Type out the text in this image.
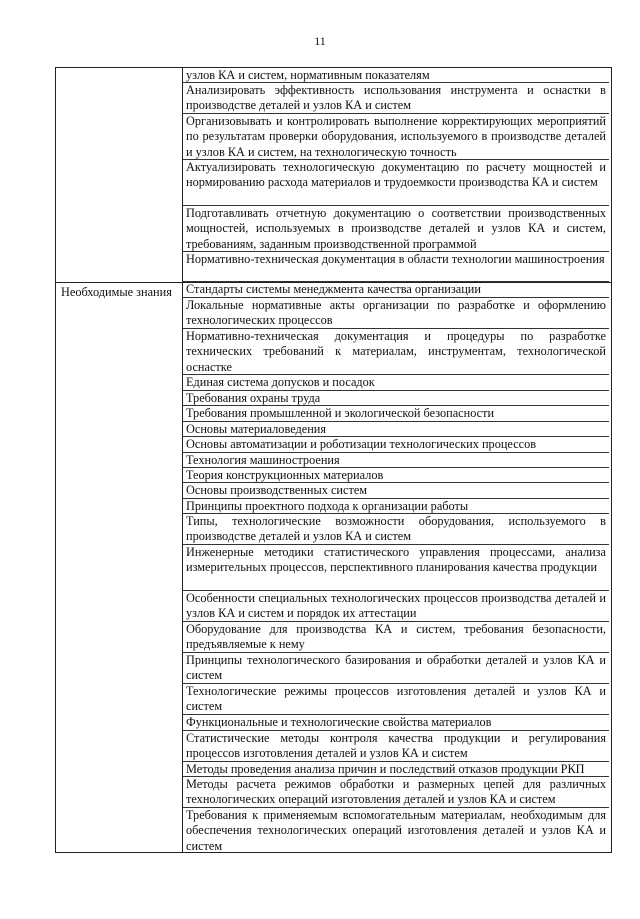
11
Необходимые знания
узлов КА и систем, нормативным показателям
Анализировать эффективность использования инструмента и оснастки в производстве деталей и узлов КА и систем
Организовывать и контролировать выполнение корректирующих мероприятий по результатам проверки оборудования, используемого в производстве деталей и узлов КА и систем, на технологическую точность
Актуализировать технологическую документацию по расчету мощностей и нормированию расхода материалов и трудоемкости производства КА и систем
Подготавливать отчетную документацию о соответствии производственных мощностей, используемых в производстве деталей и узлов КА и систем, требованиям, заданным производственной программой
Нормативно-техническая документация в области технологии машиностроения
Стандарты системы менеджмента качества организации
Локальные нормативные акты организации по разработке и оформлению технологических процессов
Нормативно-техническая документация и процедуры по разработке технических требований к материалам, инструментам, технологической оснастке
Единая система допусков и посадок
Требования охраны труда
Требования промышленной и экологической безопасности
Основы материаловедения
Основы автоматизации и роботизации технологических процессов
Технология машиностроения
Теория конструкционных материалов
Основы производственных систем
Принципы проектного подхода к организации работы
Типы, технологические возможности оборудования, используемого в производстве деталей и узлов КА и систем
Инженерные методики статистического управления процессами, анализа измерительных процессов, перспективного планирования качества продукции
Особенности специальных технологических процессов производства деталей и узлов КА и систем и порядок их аттестации
Оборудование для производства КА и систем, требования безопасности, предъявляемые к нему
Принципы технологического базирования и обработки деталей и узлов КА и систем
Технологические режимы процессов изготовления деталей и узлов КА и систем
Функциональные и технологические свойства материалов
Статистические методы контроля качества продукции и регулирования процессов изготовления деталей и узлов КА и систем
Методы проведения анализа причин и последствий отказов продукции РКП
Методы расчета режимов обработки и размерных цепей для различных технологических операций изготовления деталей и узлов КА и систем
Требования к применяемым вспомогательным материалам, необходимым для обеспечения технологических операций изготовления деталей и узлов КА и систем
